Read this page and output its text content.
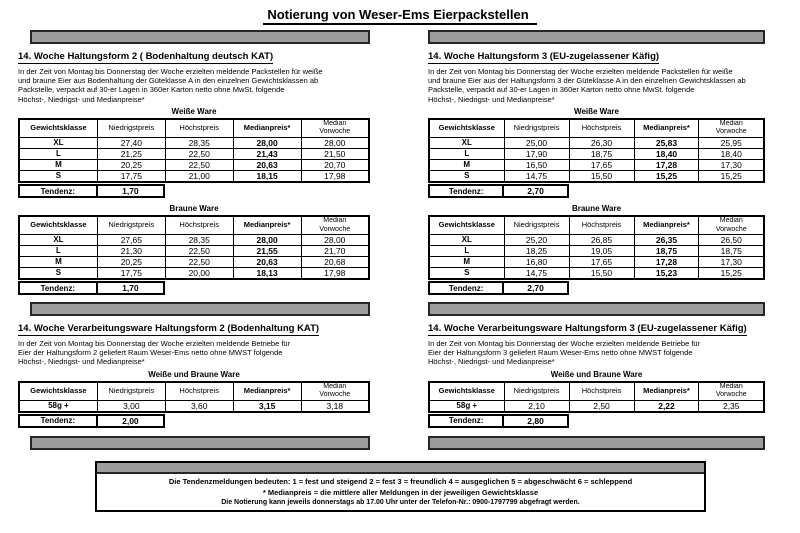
Notierung von Weser-Ems Eierpackstellen
14. Woche Haltungsform 2 ( Bodenhaltung deutsch KAT)
In der Zeit von Montag bis Donnerstag der Woche erzielten meldende Packstellen für weiße
und braune Eier aus Bodenhaltung der Güteklasse A in den einzelnen Gewichtsklassen ab
Packstelle, verpackt auf 30-er Lagen in 360er Karton netto ohne MwSt. folgende
Höchst-, Niedrigst- und Medianpreise*
Weiße Ware
Gewichtsklasse	Niedrigstpreis	Höchstpreis	Medianpreis*	Median
Vorwoche
XL	27,40	28,35	28,00	28,00
L	21,25	22,50	21,43	21,50
M	20,25	22,50	20,63	20,70
S	17,75	21,00	18,15	17,98
Tendenz:	1,70
Braune Ware
Gewichtsklasse	Niedrigstpreis	Höchstpreis	Medianpreis*	Median
Vorwoche
XL	27,65	28,35	28,00	28,00
L	21,30	22,50	21,55	21,70
M	20,25	22,50	20,63	20,68
S	17,75	20,00	18,13	17,98
Tendenz:	1,70
14. Woche Haltungsform 3 (EU-zugelassener Käfig)
In der Zeit von Montag bis Donnerstag der Woche erzielten meldende Packstellen für weiße
und braune Eier aus der Haltungsform 3 der Güteklasse A in den einzelnen Gewichtsklassen ab
Packstelle, verpackt auf 30-er Lagen in 360er Karton netto ohne MwSt. folgende
Höchst-, Niedrigst- und Medianpreise*
Weiße Ware
Gewichtsklasse	Niedrigstpreis	Höchstpreis	Medianpreis*	Median
Vorwoche
XL	25,00	26,30	25,83	25,95
L	17,90	18,75	18,40	18,40
M	16,50	17,65	17,28	17,30
S	14,75	15,50	15,25	15,25
Tendenz:	2,70
Braune Ware
Gewichtsklasse	Niedrigstpreis	Höchstpreis	Medianpreis*	Median
Vorwoche
XL	25,20	26,85	26,35	26,50
L	18,25	19,05	18,75	18,75
M	16,80	17,65	17,28	17,30
S	14,75	15,50	15,23	15,25
Tendenz:	2,70
14. Woche Verarbeitungsware Haltungsform 2 (Bodenhaltung KAT)
In der Zeit von Montag bis Donnerstag der Woche erzielten meldende Betriebe für
Eier der Haltungsform 2 geliefert Raum Weser-Ems netto ohne MWST folgende
Höchst-, Niedrigst- und Medianpreise*
Weiße und Braune Ware
Gewichtsklasse	Niedrigstpreis	Höchstpreis	Medianpreis*	Median
Vorwoche
58g +	3,00	3,60	3,15	3,18
Tendenz:	2,00
14. Woche Verarbeitungsware Haltungsform 3 (EU-zugelassener Käfig)
In der Zeit von Montag bis Donnerstag der Woche erzielten meldende Betriebe für
Eier der Haltungsform 3 geliefert Raum Weser-Ems netto ohne MWST folgende
Höchst-, Niedrigst- und Medianpreise*
Weiße und Braune Ware
Gewichtsklasse	Niedrigstpreis	Höchstpreis	Medianpreis*	Median
Vorwoche
58g +	2,10	2,50	2,22	2,35
Tendenz:	2,80
Die Tendenzmeldungen bedeuten: 1 = fest und steigend 2 = fest 3 = freundlich 4 = ausgeglichen 5 = abgeschwächt 6 = schleppend
* Medianpreis = die mittlere aller Meldungen in der jeweiligen Gewichtsklasse
Die Notierung kann jeweils donnerstags ab 17.00 Uhr unter der Telefon-Nr.: 0900-1797799 abgefragt werden.
